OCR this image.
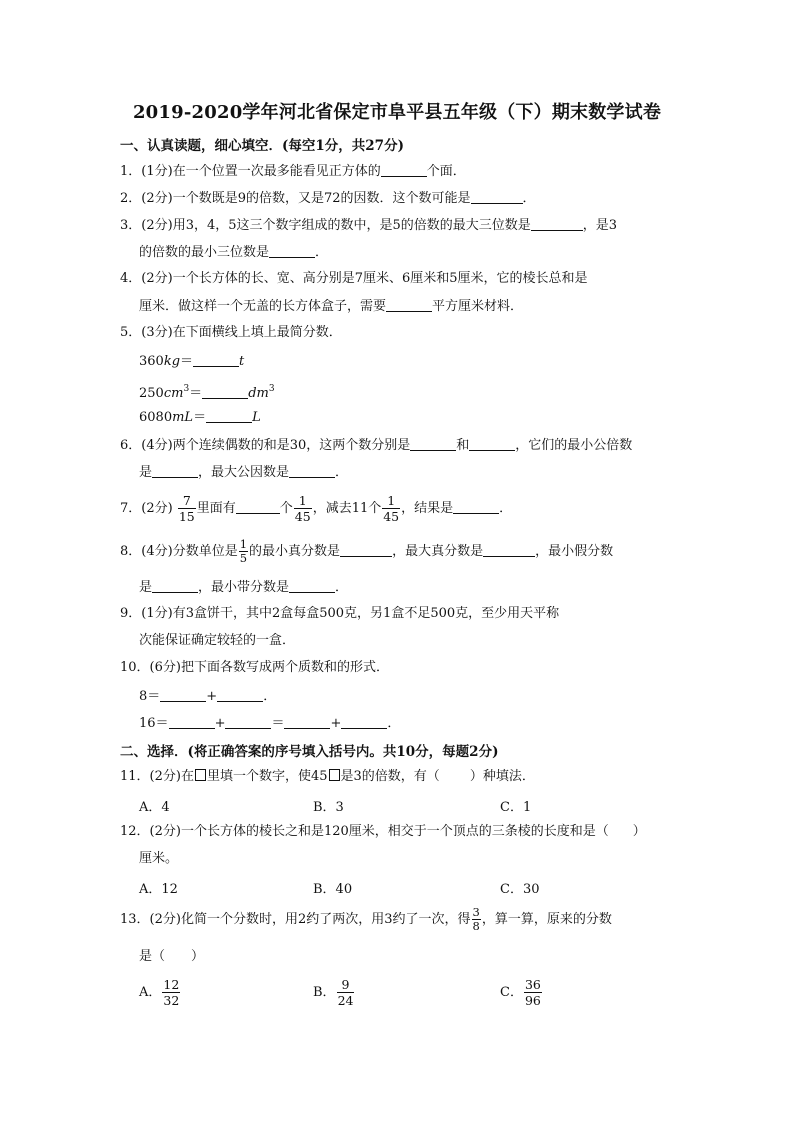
2019-2020学年河北省保定市阜平县五年级（下）期末数学试卷
一、认真读题，细心填空．(每空1分，共27分)
1．(1分)在一个位置一次最多能看见正方体的	个面．
2．(2分)一个数既是9的倍数，又是72的因数．这个数可能是	．
3．(2分)用3，4，5这三个数字组成的数中，是5的倍数的最大三位数是	，是3
的倍数的最小三位数是	．
4．(2分)一个长方体的长、宽、高分别是7厘米、6厘米和5厘米，它的棱长总和是
厘米．做这样一个无盖的长方体盒子，需要	平方厘米材料．
5．(3分)在下面横线上填上最简分数．
360kg＝	t
$250cm^3=$	$dm^3$
6080mL＝	L
6．(4分)两个连续偶数的和是30，这两个数分别是	和	，它们的最小公倍数
是	，最大公因数是	．
7．(2分) $\frac{7}{15}$ 里面有	个 $\frac{1}{45}$ ，减去11个 $\frac{1}{45}$ ，结果是	．
8．(4分)分数单位是 $\frac{1}{5}$ 的最小真分数是	，最大真分数是	，最小假分数
是	，最小带分数是	．
9．(1分)有3盒饼干，其中2盒每盒500克，另1盒不足500克，至少用天平称
次能保证确定较轻的一盒．
10．(6分)把下面各数写成两个质数和的形式．
8＝	+	．
16＝	+	＝	+	．
二、选择．(将正确答案的序号填入括号内。共10分，每题2分)
11．(2分)在 里填一个数字，使45 是3的倍数，有（ ）种填法．
A．4	B．3	C．1
12．(2分)一个长方体的棱长之和是120厘米，相交于一个顶点的三条棱的长度和是（ ）
厘米。
A．12	B．40	C．30
13．(2分)化简一个分数时，用2约了两次，用3约了一次，得 $\frac{3}{8}$ ，算一算，原来的分数
是（ ）
A． $\frac{12}{32}$	B． $\frac{9}{24}$	C． $\frac{36}{96}$
